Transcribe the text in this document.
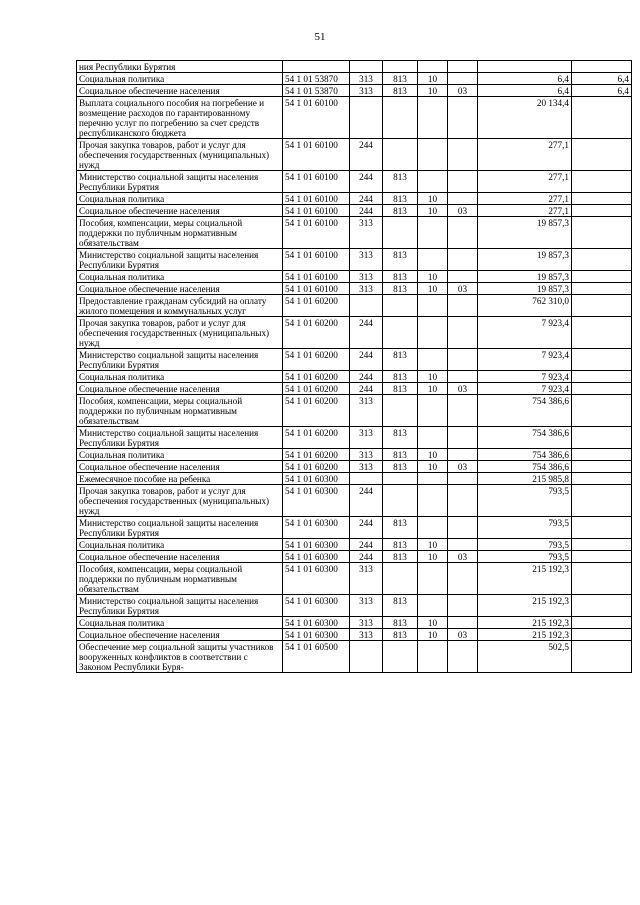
51
ния Республики Бурятия							
Социальная политика	54 1 01 53870	313	813	10		6,4	6,4
Социальное обеспечение населения	54 1 01 53870	313	813	10	03	6,4	6,4
Выплата социального пособия на погребение и возмещение расходов по гарантированному перечню услуг по погребению за счет средств республиканского бюджета	54 1 01 60100					20 134,4	
Прочая закупка товаров, работ и услуг для обеспечения государственных (муниципальных) нужд	54 1 01 60100	244				277,1	
Министерство социальной защиты населения Республики Бурятия	54 1 01 60100	244	813			277,1	
Социальная политика	54 1 01 60100	244	813	10		277,1	
Социальное обеспечение населения	54 1 01 60100	244	813	10	03	277,1	
Пособия, компенсации, меры социальной поддержки по публичным нормативным обязательствам	54 1 01 60100	313				19 857,3	
Министерство социальной защиты населения Республики Бурятия	54 1 01 60100	313	813			19 857,3	
Социальная политика	54 1 01 60100	313	813	10		19 857,3	
Социальное обеспечение населения	54 1 01 60100	313	813	10	03	19 857,3	
Предоставление гражданам субсидий на оплату жилого помещения и коммунальных услуг	54 1 01 60200					762 310,0	
Прочая закупка товаров, работ и услуг для обеспечения государственных (муниципальных) нужд	54 1 01 60200	244				7 923,4	
Министерство социальной защиты населения Республики Бурятия	54 1 01 60200	244	813			7 923,4	
Социальная политика	54 1 01 60200	244	813	10		7 923,4	
Социальное обеспечение населения	54 1 01 60200	244	813	10	03	7 923,4	
Пособия, компенсации, меры социальной поддержки по публичным нормативным обязательствам	54 1 01 60200	313				754 386,6	
Министерство социальной защиты населения Республики Бурятия	54 1 01 60200	313	813			754 386,6	
Социальная политика	54 1 01 60200	313	813	10		754 386,6	
Социальное обеспечение населения	54 1 01 60200	313	813	10	03	754 386,6	
Ежемесячное пособие на ребенка	54 1 01 60300					215 985,8	
Прочая закупка товаров, работ и услуг для обеспечения государственных (муниципальных) нужд	54 1 01 60300	244				793,5	
Министерство социальной защиты населения Республики Бурятия	54 1 01 60300	244	813			793,5	
Социальная политика	54 1 01 60300	244	813	10		793,5	
Социальное обеспечение населения	54 1 01 60300	244	813	10	03	793,5	
Пособия, компенсации, меры социальной поддержки по публичным нормативным обязательствам	54 1 01 60300	313				215 192,3	
Министерство социальной защиты населения Республики Бурятия	54 1 01 60300	313	813			215 192,3	
Социальная политика	54 1 01 60300	313	813	10		215 192,3	
Социальное обеспечение населения	54 1 01 60300	313	813	10	03	215 192,3	
Обеспечение мер социальной защиты участников вооруженных конфликтов в соответствии с Законом Республики Буря-	54 1 01 60500					502,5	
